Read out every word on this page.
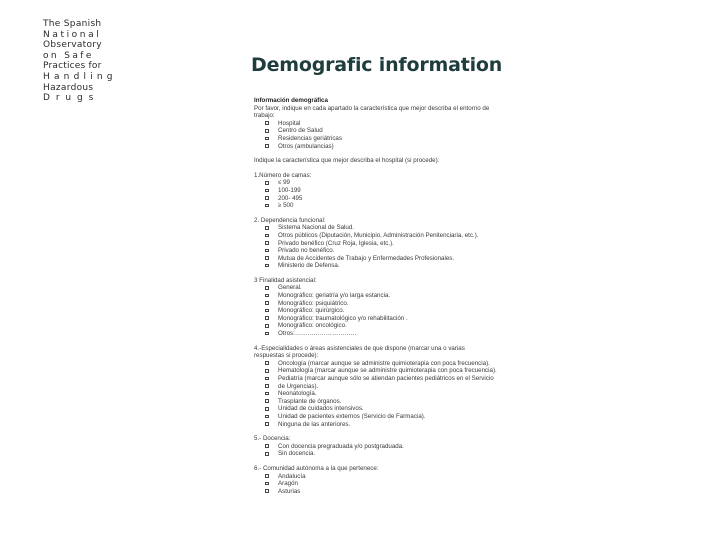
The Spanish
National
Observatory
on Safe
Practices for
Handling
Hazardous
Drugs
Demografic information
Información demográfica
Por favor, indique en cada apartado la característica que mejor describa el entorno de
trabajo:
Hospital
Centro de Salud
Residencias geriátricas
Otros (ambulancias)
Indique la característica que mejor describa el hospital (si procede):
1.Número de camas:
≤ 99
100-199
200- 495
≥ 500
2. Dependencia funcional:
Sistema Nacional de Salud.
Otros públicos (Diputación, Municipio, Administración Penitenciaria, etc.).
Privado benéfico (Cruz Roja, Iglesia, etc.).
Privado no benéfico.
Mutua de Accidentes de Trabajo y Enfermedades Profesionales.
Ministerio de Defensa.
3 Finalidad asistencial:
General.
Monográfico: geriatría y/o larga estancia.
Monográfico: psiquiátrico.
Monográfico: quirúrgico.
Monográfico: traumatológico y/o rehabilitación .
Monográfico: oncológico.
Otros:…………………………
4.-Especialidades o áreas asistenciales de que dispone (marcar una o varias
respuestas si procede):
Oncología (marcar aunque se administre quimioterapia con poca frecuencia).
Hematología (marcar aunque se administre quimioterapia con poca frecuencia).
Pediatría (marcar aunque sólo se atiendan pacientes pediátricos en el Servicio
de Urgencias).
Neonatología.
Trasplante de órganos.
Unidad de cuidados intensivos.
Unidad de pacientes externos (Servicio de Farmacia).
Ninguna de las anteriores.
5.- Docencia:
Con docencia pregraduada y/o postgraduada.
Sin docencia.
6.- Comunidad autónoma a la que pertenece:
Andalucía
Aragón
Asturias
